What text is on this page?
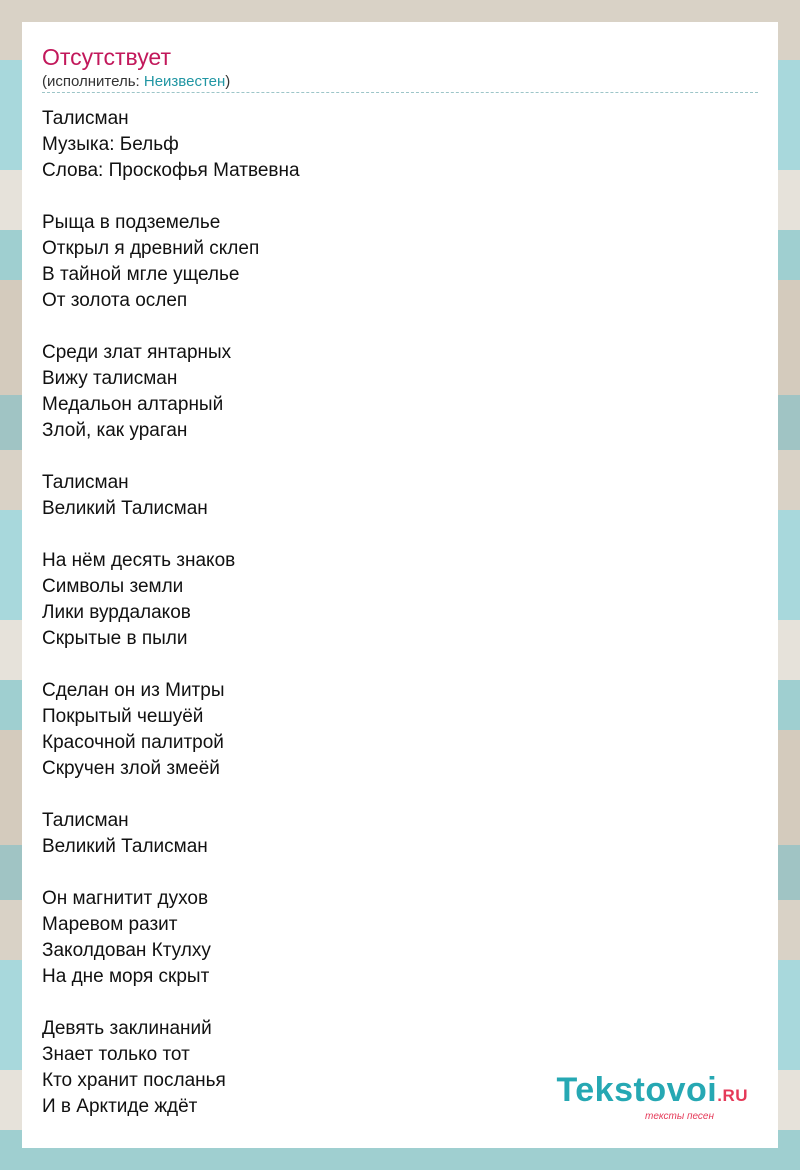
Отсутствует
(исполнитель: Неизвестен)
Талисман
Музыка: Бельф
Слова: Проскофья Матвевна
Рыща в подземелье
Открыл я древний склеп
В тайной мгле ущелье
От золота ослеп
Среди злат янтарных
Вижу талисман
Медальон алтарный
Злой, как ураган
Талисман
Великий Талисман
На нём десять знаков
Символы земли
Лики вурдалаков
Скрытые в пыли
Сделан он из Митры
Покрытый чешуёй
Красочной палитрой
Скручен злой змеёй
Талисман
Великий Талисман
Он магнитит духов
Маревом разит
Заколдован Ктулху
На дне моря скрыт
Девять заклинаний
Знает только тот
Кто хранит посланья
И в Арктиде ждёт	Tekstovoi.RU
тексты песен
